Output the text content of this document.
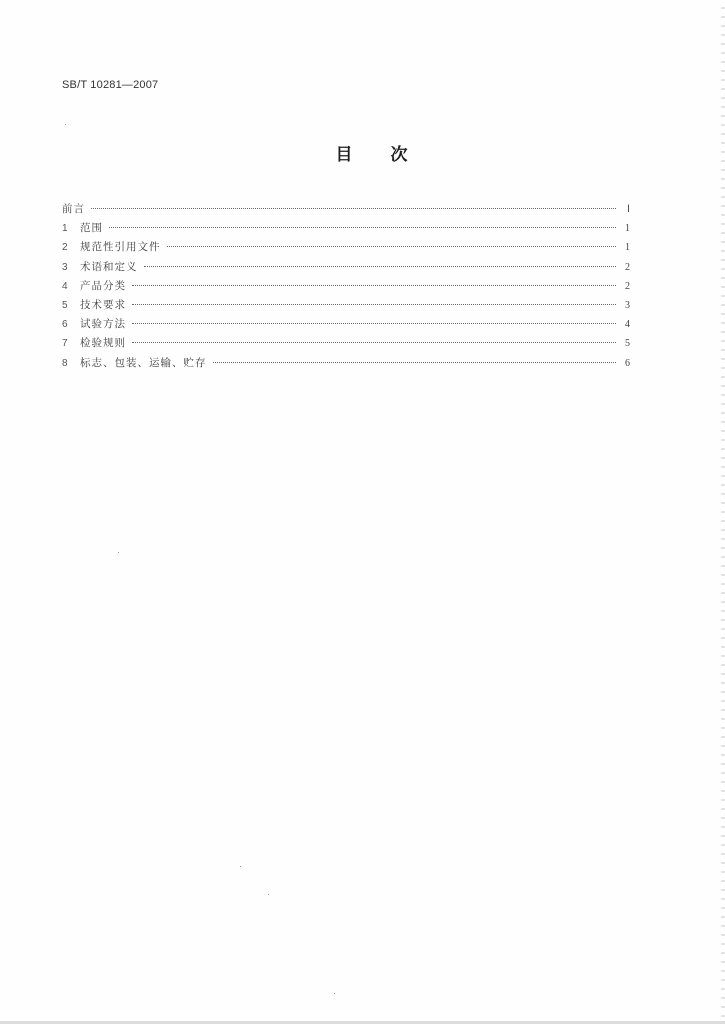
SB/T 10281—2007
目 次
前言	Ⅰ
1	范围	1
2	规范性引用文件	1
3	术语和定义	2
4	产品分类	2
5	技术要求	3
6	试验方法	4
7	检验规则	5
8	标志、包装、运输、贮存	6
